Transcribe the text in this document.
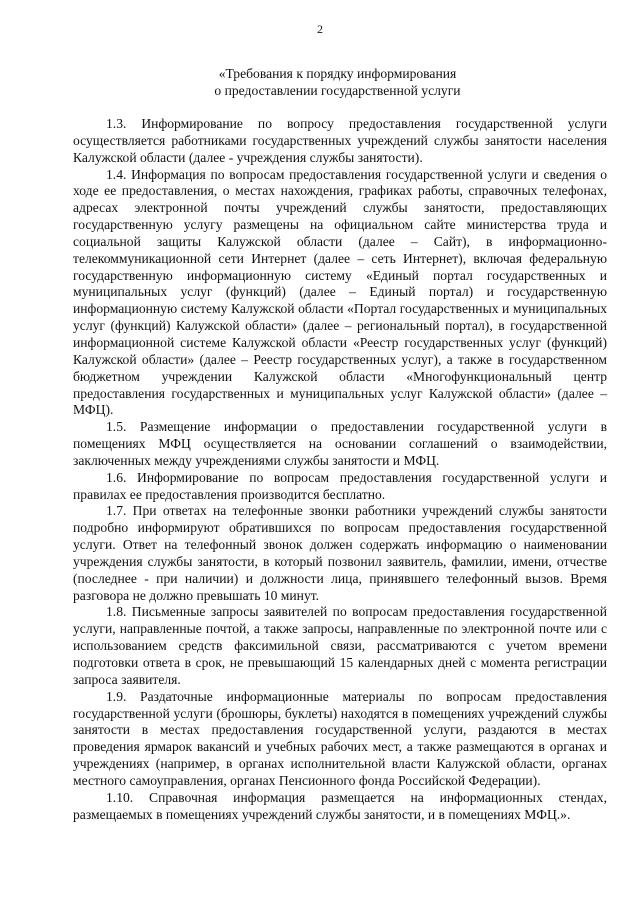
2
«Требования к порядку информирования
о предоставлении государственной услуги

1.3. Информирование по вопросу предоставления государственной услуги осуществляется работниками государственных учреждений службы занятости населения Калужской области (далее - учреждения службы занятости).

1.4. Информация по вопросам предоставления государственной услуги и сведения о ходе ее предоставления, о местах нахождения, графиках работы, справочных телефонах, адресах электронной почты учреждений службы занятости, предоставляющих государственную услугу размещены на официальном сайте министерства труда и социальной защиты Калужской области (далее – Сайт), в информационно-телекоммуникационной сети Интернет (далее – сеть Интернет), включая федеральную государственную информационную систему «Единый портал государственных и муниципальных услуг (функций) (далее – Единый портал) и государственную информационную систему Калужской области «Портал государственных и муниципальных услуг (функций) Калужской области» (далее – региональный портал), в государственной информационной системе Калужской области «Реестр государственных услуг (функций) Калужской области» (далее – Реестр государственных услуг), а также в государственном бюджетном учреждении Калужской области «Многофункциональный центр предоставления государственных и муниципальных услуг Калужской области» (далее – МФЦ).

1.5. Размещение информации о предоставлении государственной услуги в помещениях МФЦ осуществляется на основании соглашений о взаимодействии, заключенных между учреждениями службы занятости и МФЦ.

1.6. Информирование по вопросам предоставления государственной услуги и правилах ее предоставления производится бесплатно.

1.7. При ответах на телефонные звонки работники учреждений службы занятости подробно информируют обратившихся по вопросам предоставления государственной услуги. Ответ на телефонный звонок должен содержать информацию о наименовании учреждения службы занятости, в который позвонил заявитель, фамилии, имени, отчестве (последнее - при наличии) и должности лица, принявшего телефонный вызов. Время разговора не должно превышать 10 минут.

1.8. Письменные запросы заявителей по вопросам предоставления государственной услуги, направленные почтой, а также запросы, направленные по электронной почте или с использованием средств факсимильной связи, рассматриваются с учетом времени подготовки ответа в срок, не превышающий 15 календарных дней с момента регистрации запроса заявителя.

1.9. Раздаточные информационные материалы по вопросам предоставления государственной услуги (брошюры, буклеты) находятся в помещениях учреждений службы занятости в местах предоставления государственной услуги, раздаются в местах проведения ярмарок вакансий и учебных рабочих мест, а также размещаются в органах и учреждениях (например, в органах исполнительной власти Калужской области, органах местного самоуправления, органах Пенсионного фонда Российской Федерации).

1.10. Справочная информация размещается на информационных стендах, размещаемых в помещениях учреждений службы занятости, и в помещениях МФЦ.».
